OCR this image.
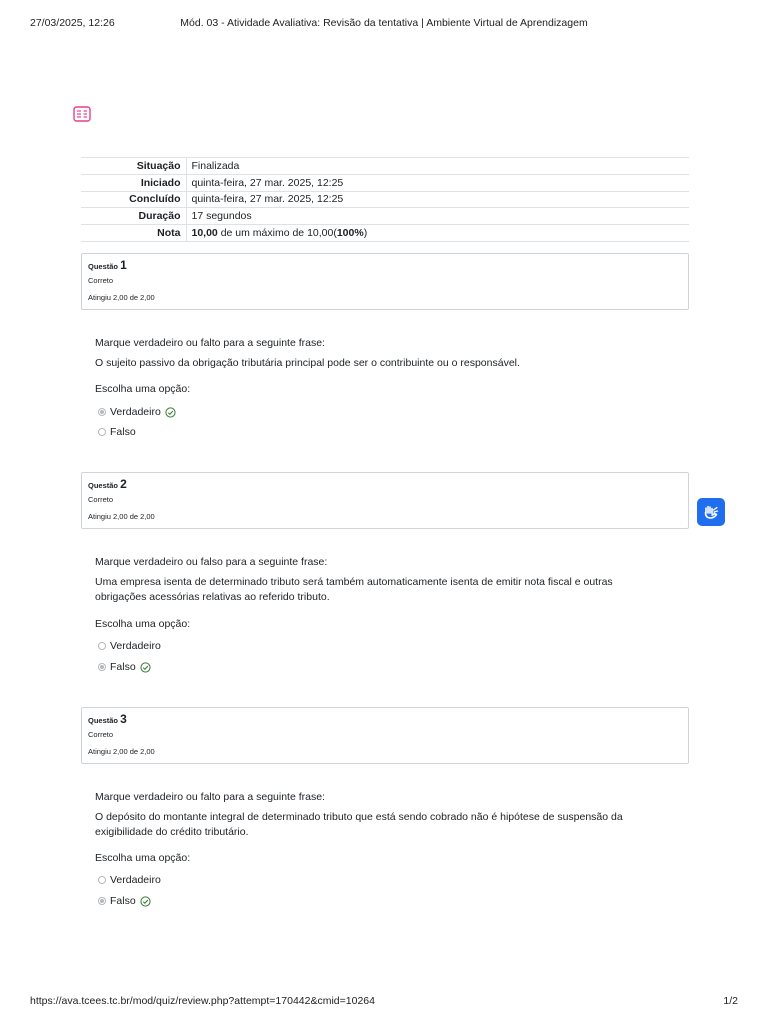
27/03/2025, 12:26	Mód. 03 - Atividade Avaliativa: Revisão da tentativa | Ambiente Virtual de Aprendizagem
Situação	Finalizada
Iniciado	quinta-feira, 27 mar. 2025, 12:25
Concluído	quinta-feira, 27 mar. 2025, 12:25
Duração	17 segundos
Nota	10,00 de um máximo de 10,00(100%)
Questão 1
Correto
Atingiu 2,00 de 2,00

Marque verdadeiro ou falto para a seguinte frase:

O sujeito passivo da obrigação tributária principal pode ser o contribuinte ou o responsável.

Escolha uma opção:
Verdadeiro
Falso
Questão 2
Correto
Atingiu 2,00 de 2,00

Marque verdadeiro ou falso para a seguinte frase:

Uma empresa isenta de determinado tributo será também automaticamente isenta de emitir nota fiscal e outras obrigações acessórias relativas ao referido tributo.

Escolha uma opção:
Verdadeiro
Falso
Questão 3
Correto
Atingiu 2,00 de 2,00

Marque verdadeiro ou falto para a seguinte frase:

O depósito do montante integral de determinado tributo que está sendo cobrado não é hipótese de suspensão da exigibilidade do crédito tributário.

Escolha uma opção:
Verdadeiro
Falso
https://ava.tcees.tc.br/mod/quiz/review.php?attempt=170442&cmid=10264	1/2
